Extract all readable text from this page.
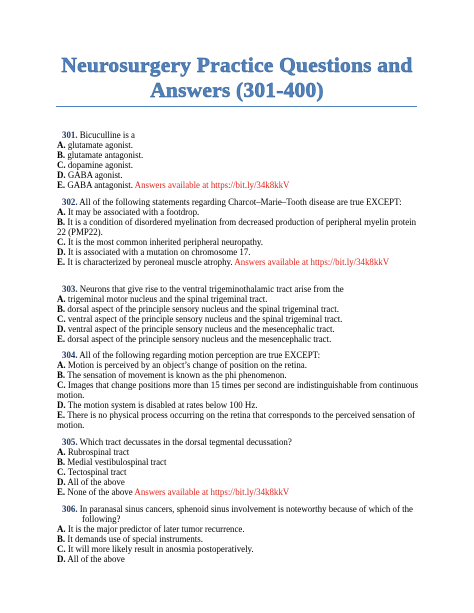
Neurosurgery Practice Questions and
Answers (301-400)
301. Bicuculline is a
A. glutamate agonist.
B. glutamate antagonist.
C. dopamine agonist.
D. GABA agonist.
E. GABA antagonist. Answers available at https://bit.ly/34k8kkV
302. All of the following statements regarding Charcot–Marie–Tooth disease are true EXCEPT:
A. It may be associated with a footdrop.
B. It is a condition of disordered myelination from decreased production of peripheral myelin protein 22 (PMP22).
C. It is the most common inherited peripheral neuropathy.
D. It is associated with a mutation on chromosome 17.
E. It is characterized by peroneal muscle atrophy. Answers available at https://bit.ly/34k8kkV
303. Neurons that give rise to the ventral trigeminothalamic tract arise from the
A. trigeminal motor nucleus and the spinal trigeminal tract.
B. dorsal aspect of the principle sensory nucleus and the spinal trigeminal tract.
C. ventral aspect of the principle sensory nucleus and the spinal trigeminal tract.
D. ventral aspect of the principle sensory nucleus and the mesencephalic tract.
E. dorsal aspect of the principle sensory nucleus and the mesencephalic tract.
304. All of the following regarding motion perception are true EXCEPT:
A. Motion is perceived by an object’s change of position on the retina.
B. The sensation of movement is known as the phi phenomenon.
C. Images that change positions more than 15 times per second are indistinguishable from continuous motion.
D. The motion system is disabled at rates below 100 Hz.
E. There is no physical process occurring on the retina that corresponds to the perceived sensation of motion.
305. Which tract decussates in the dorsal tegmental decussation?
A. Rubrospinal tract
B. Medial vestibulospinal tract
C. Tectospinal tract
D. All of the above
E. None of the above Answers available at https://bit.ly/34k8kkV
306. In paranasal sinus cancers, sphenoid sinus involvement is noteworthy because of which of the following?
A. It is the major predictor of later tumor recurrence.
B. It demands use of special instruments.
C. It will more likely result in anosmia postoperatively.
D. All of the above
